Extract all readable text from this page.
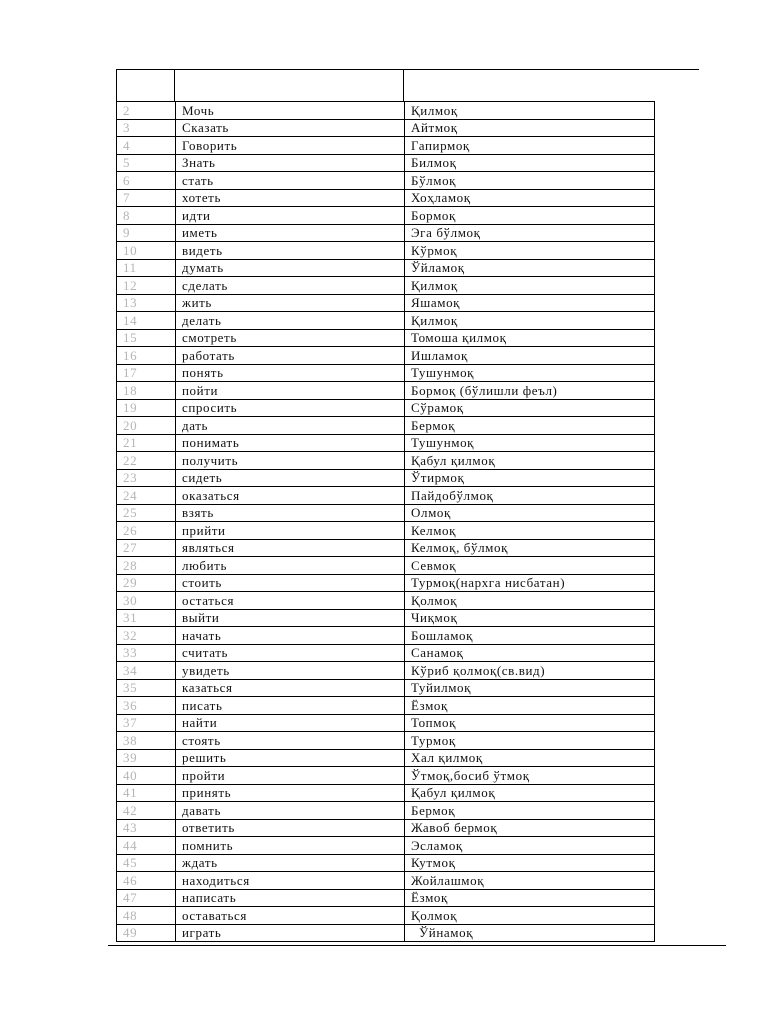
2	Мочь	Қилмоқ
3	Сказать	Айтмоқ
4	Говорить	Гапирмоқ
5	Знать	Билмоқ
6	стать	Бўлмоқ
7	хотеть	Хоҳламоқ
8	идти	Бормоқ
9	иметь	Эга бўлмоқ
10	видеть	Кўрмоқ
11	думать	Ўйламоқ
12	сделать	Қилмоқ
13	жить	Яшамоқ
14	делать	Қилмоқ
15	смотреть	Томоша қилмоқ
16	работать	Ишламоқ
17	понять	Тушунмоқ
18	пойти	Бормоқ (бўлишли феъл)
19	спросить	Сўрамоқ
20	дать	Бермоқ
21	понимать	Тушунмоқ
22	получить	Қабул қилмоқ
23	сидеть	Ўтирмоқ
24	оказаться	Пайдобўлмоқ
25	взять	Олмоқ
26	прийти	Келмоқ
27	являться	Келмоқ, бўлмоқ
28	любить	Севмоқ
29	стоить	Турмоқ(нархга нисбатан)
30	остаться	Қолмоқ
31	выйти	Чиқмоқ
32	начать	Бошламоқ
33	считать	Санамоқ
34	увидеть	Кўриб қолмоқ(св.вид)
35	казаться	Туйилмоқ
36	писать	Ёзмоқ
37	найти	Топмоқ
38	стоять	Турмоқ
39	решить	Хал қилмоқ
40	пройти	Ўтмоқ,босиб ўтмоқ
41	принять	Қабул қилмоқ
42	давать	Бермоқ
43	ответить	Жавоб бермоқ
44	помнить	Эсламоқ
45	ждать	Кутмоқ
46	находиться	Жойлашмоқ
47	написать	Ёзмоқ
48	оставаться	Қолмоқ
49	играть	Ўйнамоқ
